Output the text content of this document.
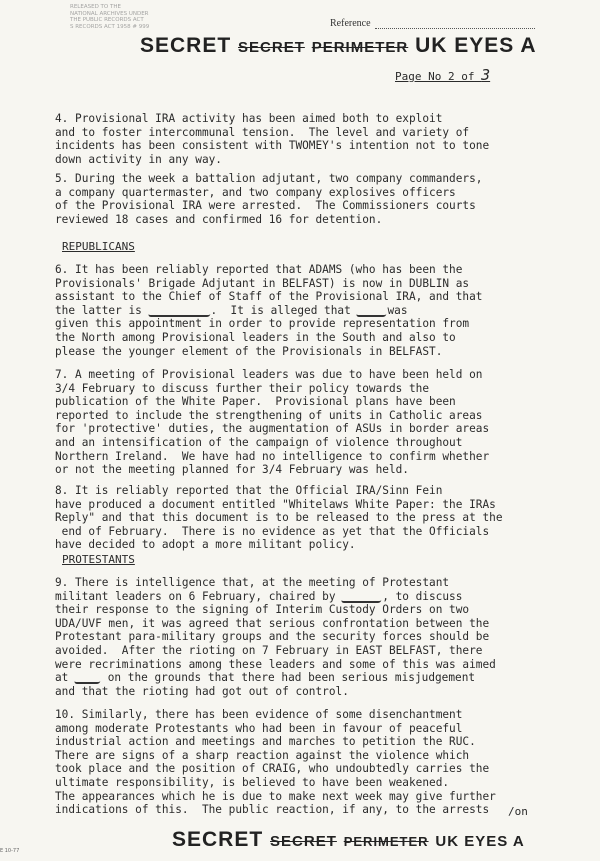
RELEASED TO THE
NATIONAL ARCHIVES UNDER
THE PUBLIC RECORDS ACT
S RECORDS ACT 1958 # 999	Reference
SECRET SECRET PERIMETER UK EYES A
Page No 2 of 3
4. Provisional IRA activity has been aimed both to exploit
and to foster intercommunal tension.  The level and variety of
incidents has been consistent with TWOMEY's intention not to tone
down activity in any way.
5. During the week a battalion adjutant, two company commanders,
a company quartermaster, and two company explosives officers
of the Provisional IRA were arrested.  The Commissioners courts
reviewed 18 cases and confirmed 16 for detention.
REPUBLICANS
6. It has been reliably reported that ADAMS (who has been the
Provisionals' Brigade Adjutant in BELFAST) is now in DUBLIN as
assistant to the Chief of Staff of the Provisional IRA, and that
the latter is	.  It is alleged that	was
given this appointment in order to provide representation from
the North among Provisional leaders in the South and also to
please the younger element of the Provisionals in BELFAST.
7. A meeting of Provisional leaders was due to have been held on
3/4 February to discuss further their policy towards the
publication of the White Paper.  Provisional plans have been
reported to include the strengthening of units in Catholic areas
for 'protective' duties, the augmentation of ASUs in border areas
and an intensification of the campaign of violence throughout
Northern Ireland.  We have had no intelligence to confirm whether
or not the meeting planned for 3/4 February was held.
8. It is reliably reported that the Official IRA/Sinn Fein
have produced a document entitled "Whitelaws White Paper: the IRAs
Reply" and that this document is to be released to the press at the
end of February.  There is no evidence as yet that the Officials
have decided to adopt a more militant policy.
PROTESTANTS
9. There is intelligence that, at the meeting of Protestant
militant leaders on 6 February, chaired by	, to discuss
their response to the signing of Interim Custody Orders on two
UDA/UVF men, it was agreed that serious confrontation between the
Protestant para-military groups and the security forces should be
avoided.  After the rioting on 7 February in EAST BELFAST, there
were recriminations among these leaders and some of this was aimed
at	on the grounds that there had been serious misjudgement
and that the rioting had got out of control.
10. Similarly, there has been evidence of some disenchantment
among moderate Protestants who had been in favour of peaceful
industrial action and meetings and marches to petition the RUC.
There are signs of a sharp reaction against the violence which
took place and the position of CRAIG, who undoubtedly carries the
ultimate responsibility, is believed to have been weakened.
The appearances which he is due to make next week may give further
indications of this.  The public reaction, if any, to the arrests	/on
SECRET SECRET PERIMETER UK EYES A
E 10-77
